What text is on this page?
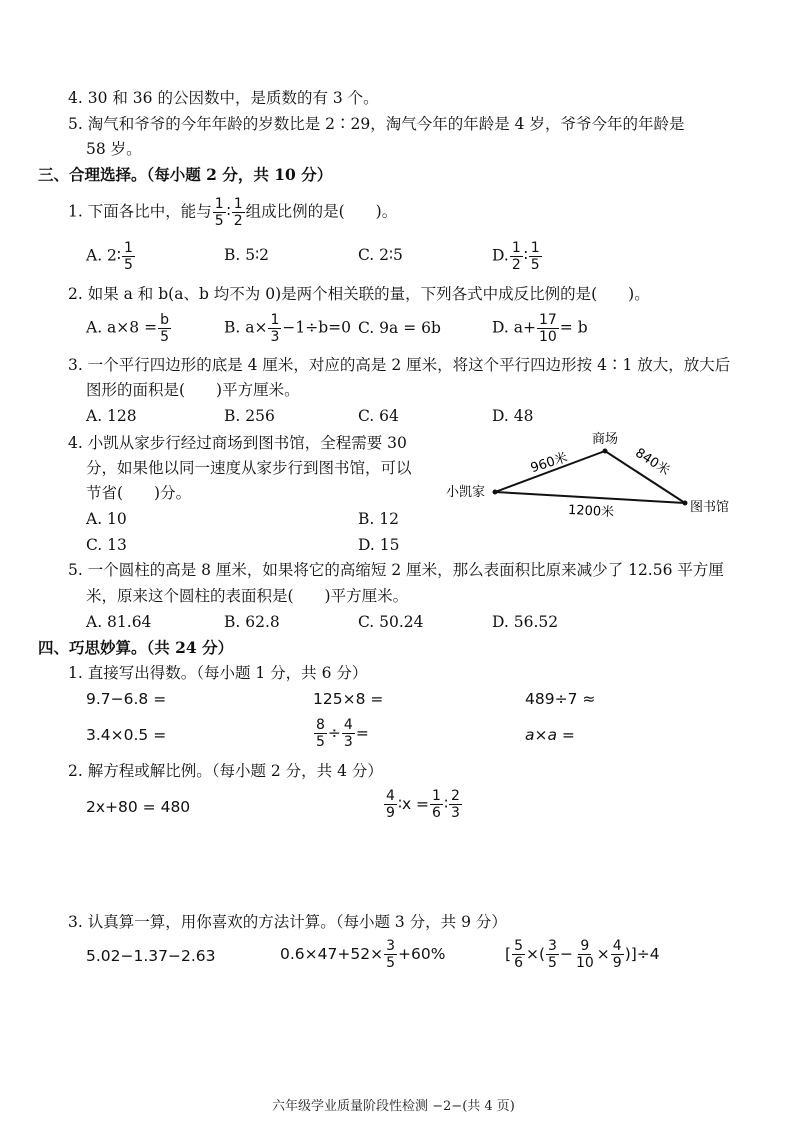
4. 30 和 36 的公因数中，是质数的有 3 个。
5. 淘气和爷爷的今年年龄的岁数比是 2∶29，淘气今年的年龄是 4 岁，爷爷今年的年龄是
58 岁。
三、合理选择。（每小题 2 分，共 10 分）
1. 下面各比中，能与 $\frac{1}{5}$ ∶ $\frac{1}{2}$ 组成比例的是(　　)。
A. 2∶ $\frac{1}{5}$	B. 5∶2	C. 2∶5	D. $\frac{1}{2}$ ∶ $\frac{1}{5}$
2. 如果 a 和 b(a、b 均不为 0)是两个相关联的量，下列各式中成反比例的是(　　)。
A. $a\times 8 = \frac{b}{5}$	B. $a\times \frac{1}{3} -1\div b=0$ C. 9a = 6b	D. $a+ \frac{17}{10} = b$
3. 一个平行四边形的底是 4 厘米，对应的高是 2 厘米，将这个平行四边形按 4∶1 放大，放大后
图形的面积是(　　)平方厘米。
A. 128	B. 256	C. 64	D. 48
4. 小凯从家步行经过商场到图书馆，全程需要 30
分，如果他以同一速度从家步行到图书馆，可以
节省(　　)分。
A. 10	B. 12
C. 13	D. 15
商场
小凯家
图书馆
960米	840米
1200米
5. 一个圆柱的高是 8 厘米，如果将它的高缩短 2 厘米，那么表面积比原来减少了 12.56 平方厘
米，原来这个圆柱的表面积是(　　)平方厘米。
A. 81.64	B. 62.8	C. 50.24	D. 56.52
四、巧思妙算。（共 24 分）
1. 直接写出得数。（每小题 1 分，共 6 分）
9.7−6.8 =	125×8 =	489÷7 ≈
3.4×0.5 =	$\frac{8}{5} \div \frac{4}{3}$ =	a×a =
2. 解方程或解比例。（每小题 2 分，共 4 分）
2x+80 = 480	$\frac{4}{9}$ ∶x = $\frac{1}{6}$ ∶ $\frac{2}{3}$
3. 认真算一算，用你喜欢的方法计算。（每小题 3 分，共 9 分）
5.02−1.37−2.63	$0.6\times 47+52\times \frac{3}{5} +60\%$	[ $\frac{5}{6}$ ×( $\frac{3}{5} - \frac{9}{10} \times \frac{4}{9} )]\div 4$
六年级学业质量阶段性检测 −2−(共 4 页)
